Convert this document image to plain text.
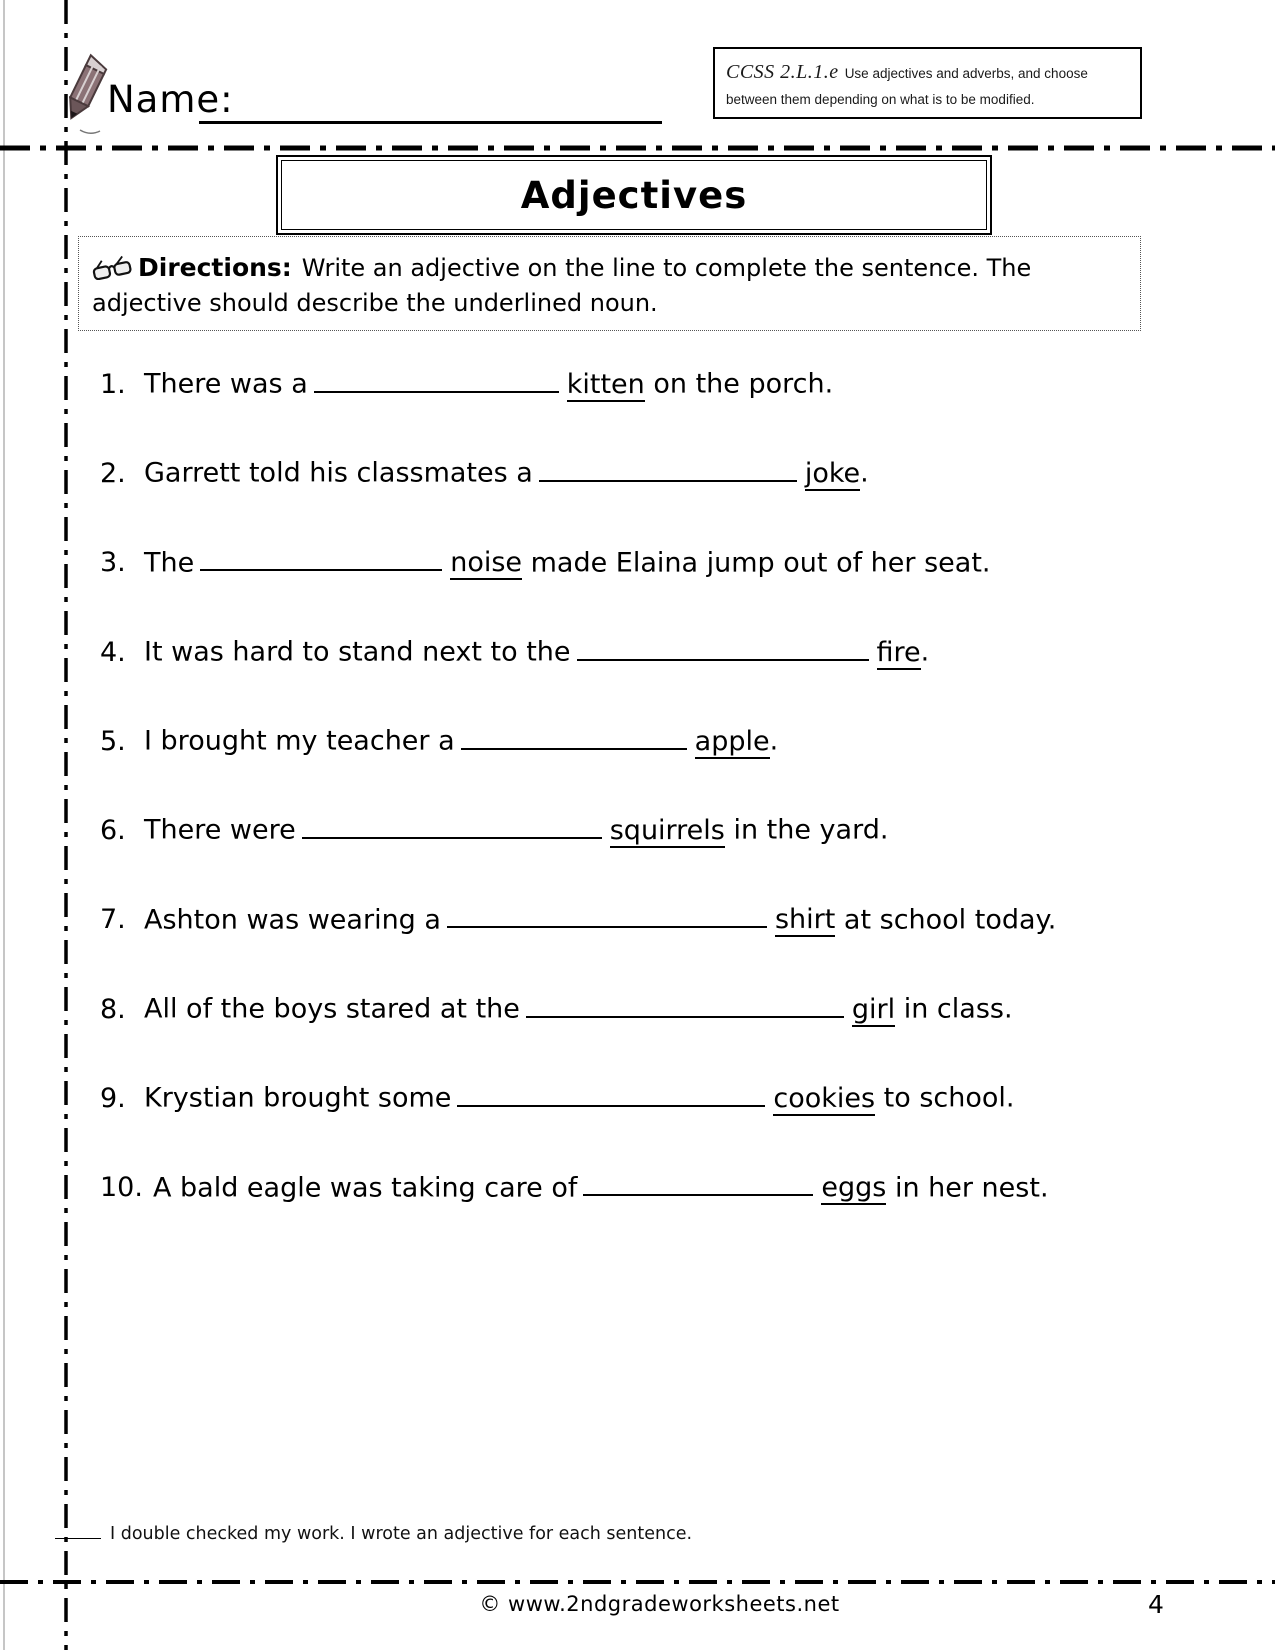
Name:
CCSS 2.L.1.e Use adjectives and adverbs, and choose between them depending on what is to be modified.
Adjectives
Directions: Write an adjective on the line to complete the sentence. The adjective should describe the underlined noun.
1. There was a	kitten on the porch.
2. Garrett told his classmates a	joke.
3. The	noise made Elaina jump out of her seat.
4. It was hard to stand next to the	fire.
5. I brought my teacher a	apple.
6. There were	squirrels in the yard.
7. Ashton was wearing a	shirt at school today.
8. All of the boys stared at the	girl in class.
9. Krystian brought some	cookies to school.
10. A bald eagle was taking care of	eggs in her nest.
I double checked my work. I wrote an adjective for each sentence.
© www.2ndgradeworksheets.net	4
